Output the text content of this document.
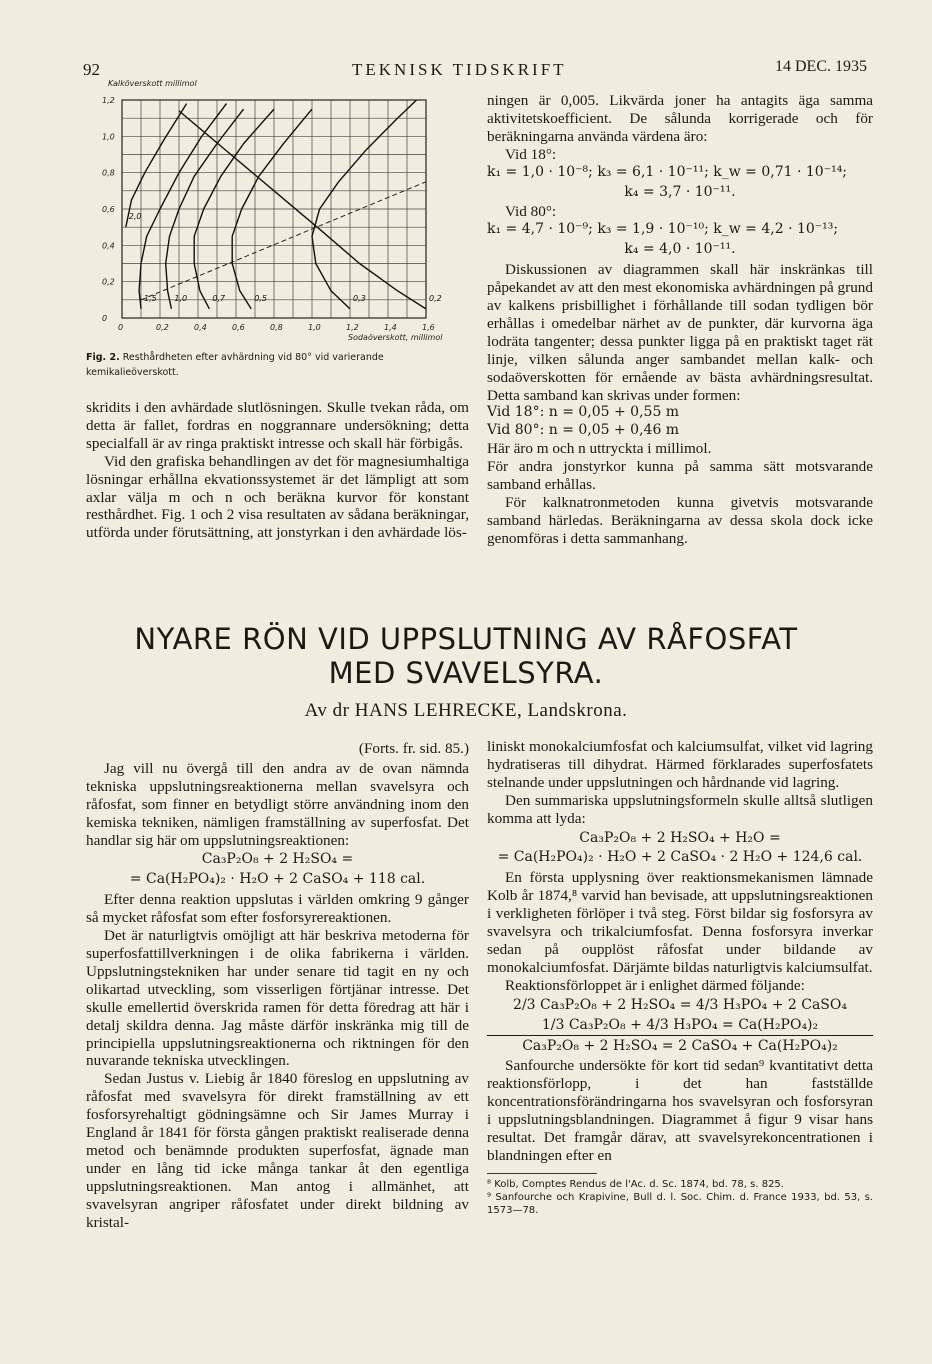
92	TEKNISK TIDSKRIFT	14 DEC. 1935
0	0,2	0,4	0,6	0,8	1,0	1,2	1,4	1,6
0
0,2
0,4
0,6
0,8
1,0
1,2
Kalköverskott millimol
Sodaöverskott, millimol
0,2
0,3
0,5
0,7
1,0
1,5
2,0
Fig. 2. Resthårdheten efter avhärdning vid 80° vid varierande kemikalieöverskott.

skridits i den avhärdade slutlösningen. Skulle tvekan råda, om detta är fallet, fordras en noggrannare undersökning; detta specialfall är av ringa praktiskt intresse och skall här förbigås.

Vid den grafiska behandlingen av det för magnesiumhaltiga lösningar erhållna ekvationssystemet är det lämpligt att som axlar välja m och n och beräkna kurvor för konstant resthårdhet. Fig. 1 och 2 visa resultaten av sådana beräkningar, utförda under förutsättning, att jonstyrkan i den avhärdade lös-

ningen är 0,005. Likvärda joner ha antagits äga samma aktivitetskoefficient. De sålunda korrigerade och för beräkningarna använda värdena äro:

Vid 18°:

k₁ = 1,0 · 10⁻⁸; k₃ = 6,1 · 10⁻¹¹; k_w = 0,71 · 10⁻¹⁴;

k₄ = 3,7 · 10⁻¹¹.

Vid 80°:

k₁ = 4,7 · 10⁻⁹; k₃ = 1,9 · 10⁻¹⁰; k_w = 4,2 · 10⁻¹³;

k₄ = 4,0 · 10⁻¹¹.

Diskussionen av diagrammen skall här inskränkas till påpekandet av att den mest ekonomiska avhärdningen på grund av kalkens prisbillighet i förhållande till sodan tydligen bör erhållas i omedelbar närhet av de punkter, där kurvorna äga lodräta tangenter; dessa punkter ligga på en praktiskt taget rät linje, vilken sålunda anger sambandet mellan kalk- och sodaöverskotten för ernående av bästa avhärdningsresultat. Detta samband kan skrivas under formen:

Vid 18°: n = 0,05 + 0,55 m

Vid 80°: n = 0,05 + 0,46 m

Här äro m och n uttryckta i millimol.

För andra jonstyrkor kunna på samma sätt motsvarande samband erhållas.

För kalknatronmetoden kunna givetvis motsvarande samband härledas. Beräkningarna av dessa skola dock icke genomföras i detta sammanhang.

NYARE RÖN VID UPPSLUTNING AV RÅFOSFAT
MED SVAVELSYRA.
Av dr HANS LEHRECKE, Landskrona.

(Forts. fr. sid. 85.)

Jag vill nu övergå till den andra av de ovan nämnda tekniska uppslutningsreaktionerna mellan svavelsyra och råfosfat, som finner en betydligt större användning inom den kemiska tekniken, nämligen framställning av superfosfat. Det handlar sig här om uppslutningsreaktionen:

Ca₃P₂O₈ + 2 H₂SO₄ =

= Ca(H₂PO₄)₂ · H₂O + 2 CaSO₄ + 118 cal.

Efter denna reaktion uppslutas i världen omkring 9 gånger så mycket råfosfat som efter fosforsyrereaktionen.

Det är naturligtvis omöjligt att här beskriva metoderna för superfosfattillverkningen i de olika fabrikerna i världen. Uppslutningstekniken har under senare tid tagit en ny och olikartad utveckling, som visserligen förtjänar intresse. Det skulle emellertid överskrida ramen för detta föredrag att här i detalj skildra denna. Jag måste därför inskränka mig till de principiella uppslutningsreaktionerna och riktningen för den nuvarande tekniska utvecklingen.

Sedan Justus v. Liebig år 1840 föreslog en uppslutning av råfosfat med svavelsyra för direkt framställning av ett fosforsyrehaltigt gödningsämne och Sir James Murray i England år 1841 för första gången praktiskt realiserade denna metod och benämnde produkten superfosfat, ägnade man under en lång tid icke många tankar åt den egentliga uppslutningsreaktionen. Man antog i allmänhet, att svavelsyran angriper råfosfatet under direkt bildning av kristal-

liniskt monokalciumfosfat och kalciumsulfat, vilket vid lagring hydratiseras till dihydrat. Härmed förklarades superfosfatets stelnande under uppslutningen och hårdnande vid lagring.

Den summariska uppslutningsformeln skulle alltså slutligen komma att lyda:

Ca₃P₂O₈ + 2 H₂SO₄ + H₂O =

= Ca(H₂PO₄)₂ · H₂O + 2 CaSO₄ · 2 H₂O + 124,6 cal.

En första upplysning över reaktionsmekanismen lämnade Kolb år 1874,⁸ varvid han bevisade, att uppslutningsreaktionen i verkligheten förlöper i två steg. Först bildar sig fosforsyra av svavelsyra och trikalciumfosfat. Denna fosforsyra inverkar sedan på oupplöst råfosfat under bildande av monokalciumfosfat. Därjämte bildas naturligtvis kalciumsulfat.

Reaktionsförloppet är i enlighet därmed följande:

2/3 Ca₃P₂O₈ + 2 H₂SO₄ = 4/3 H₃PO₄ + 2 CaSO₄

1/3 Ca₃P₂O₈ + 4/3 H₃PO₄ = Ca(H₂PO₄)₂

Ca₃P₂O₈ + 2 H₂SO₄ = 2 CaSO₄ + Ca(H₂PO₄)₂

Sanfourche undersökte för kort tid sedan⁹ kvantitativt detta reaktionsförlopp, i det han fastställde koncentrationsförändringarna hos svavelsyran och fosforsyran i uppslutningsblandningen. Diagrammet å figur 9 visar hans resultat. Det framgår därav, att svavelsyrekoncentrationen i blandningen efter en

⁸ Kolb, Comptes Rendus de l'Ac. d. Sc. 1874, bd. 78, s. 825.

⁹ Sanfourche och Krapivine, Bull d. l. Soc. Chim. d. France 1933, bd. 53, s. 1573—78.
